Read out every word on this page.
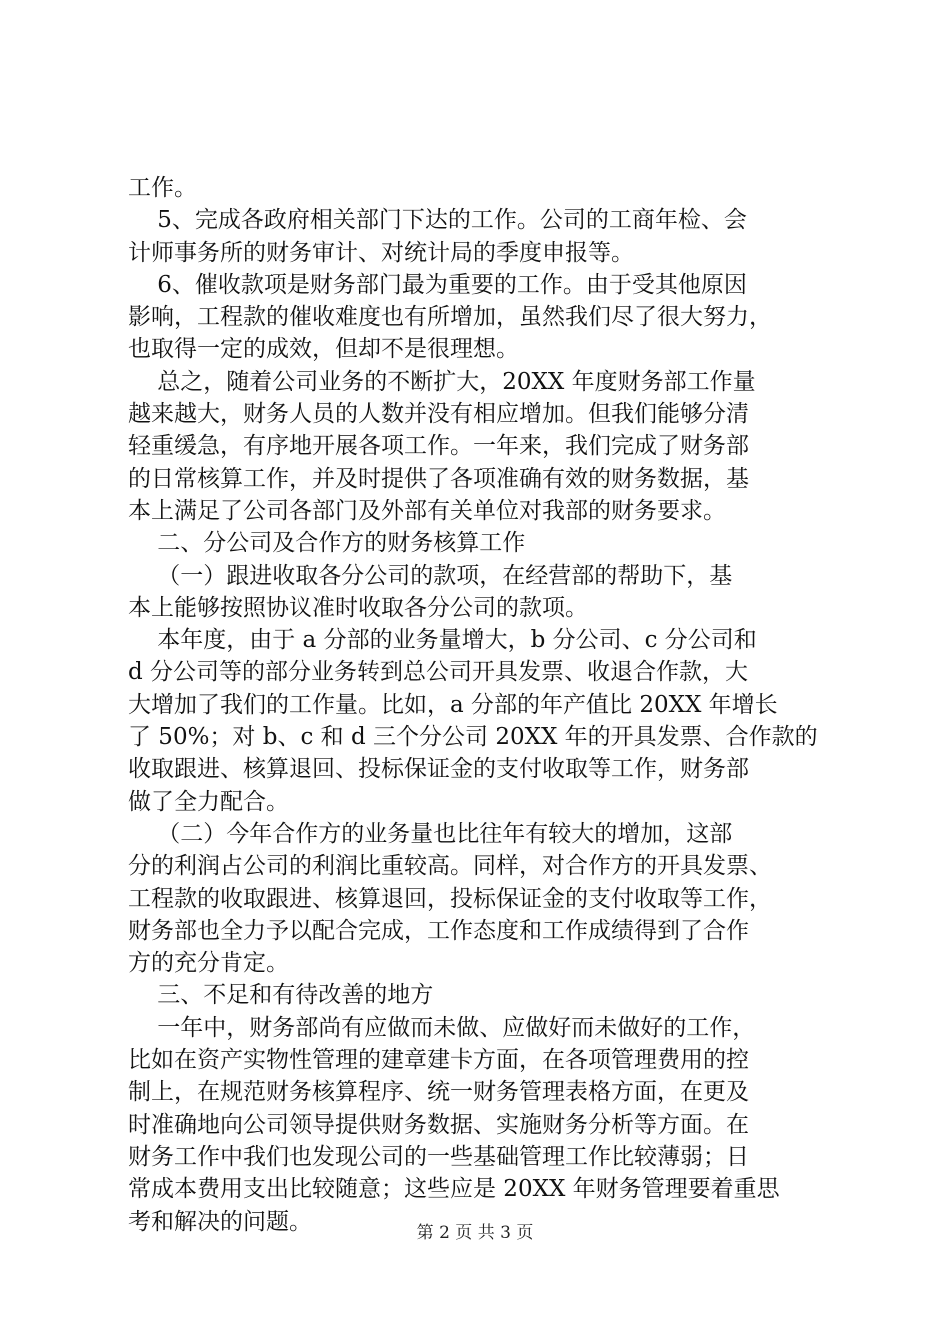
工作。
5、完成各政府相关部门下达的工作。公司的工商年检、会
计师事务所的财务审计、对统计局的季度申报等。
6、催收款项是财务部门最为重要的工作。由于受其他原因
影响，工程款的催收难度也有所增加，虽然我们尽了很大努力，
也取得一定的成效，但却不是很理想。
总之，随着公司业务的不断扩大，20XX 年度财务部工作量
越来越大，财务人员的人数并没有相应增加。但我们能够分清
轻重缓急，有序地开展各项工作。一年来，我们完成了财务部
的日常核算工作，并及时提供了各项准确有效的财务数据，基
本上满足了公司各部门及外部有关单位对我部的财务要求。
二、分公司及合作方的财务核算工作
（一）跟进收取各分公司的款项，在经营部的帮助下，基
本上能够按照协议准时收取各分公司的款项。
本年度，由于 a 分部的业务量增大，b 分公司、c 分公司和
d 分公司等的部分业务转到总公司开具发票、收退合作款，大
大增加了我们的工作量。比如，a 分部的年产值比 20XX 年增长
了 50%；对 b、c 和 d 三个分公司 20XX 年的开具发票、合作款的
收取跟进、核算退回、投标保证金的支付收取等工作，财务部
做了全力配合。
（二）今年合作方的业务量也比往年有较大的增加，这部
分的利润占公司的利润比重较高。同样，对合作方的开具发票、
工程款的收取跟进、核算退回，投标保证金的支付收取等工作，
财务部也全力予以配合完成，工作态度和工作成绩得到了合作
方的充分肯定。
三、不足和有待改善的地方
一年中，财务部尚有应做而未做、应做好而未做好的工作，
比如在资产实物性管理的建章建卡方面，在各项管理费用的控
制上，在规范财务核算程序、统一财务管理表格方面，在更及
时准确地向公司领导提供财务数据、实施财务分析等方面。在
财务工作中我们也发现公司的一些基础管理工作比较薄弱；日
常成本费用支出比较随意；这些应是 20XX 年财务管理要着重思
考和解决的问题。	第 2 页 共 3 页
